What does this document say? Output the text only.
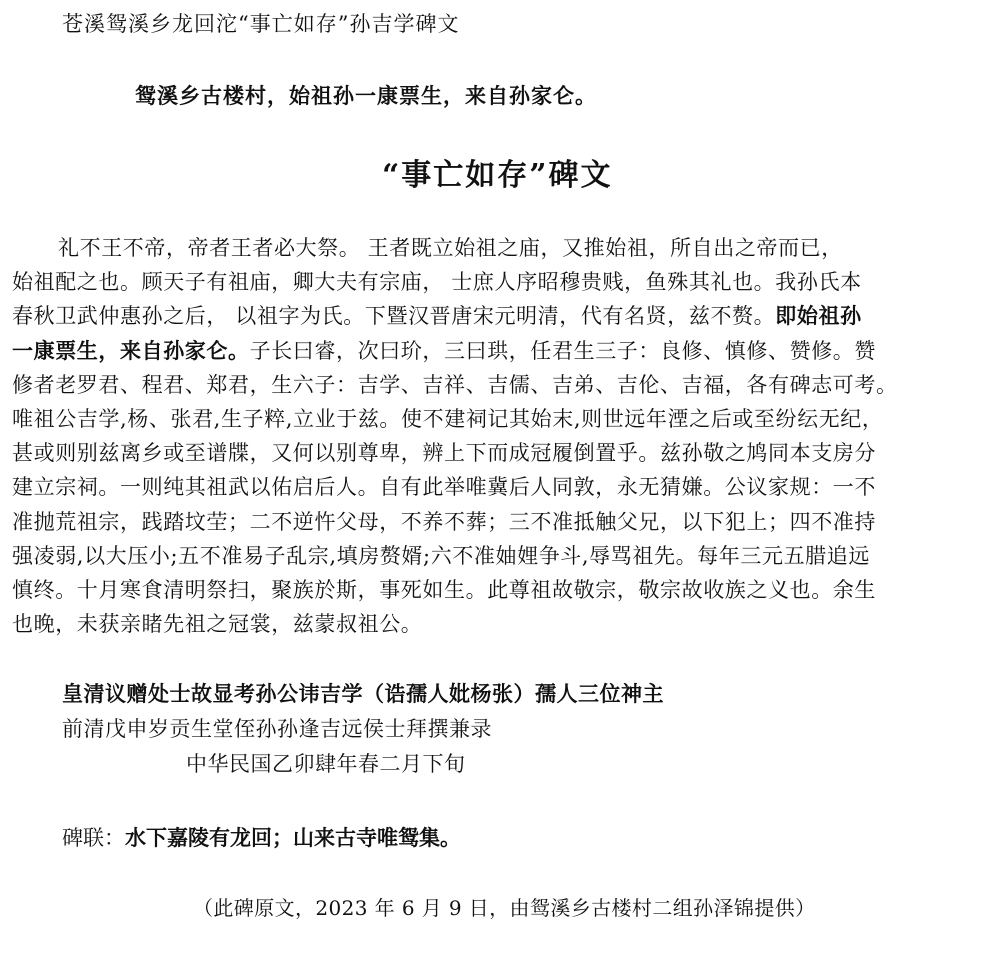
苍溪鸳溪乡龙回沱“事亡如存”孙吉学碑文
鸳溪乡古楼村，始祖孙一康票生，来自孙家仑。
“事亡如存”碑文
礼不王不帝，帝者王者必大祭。 王者既立始祖之庙，又推始祖，所自出之帝而已，
始祖配之也。顾天子有祖庙，卿大夫有宗庙， 士庶人序昭穆贵贱，鱼殊其礼也。我孙氏本
春秋卫武仲惠孙之后， 以祖字为氏。下暨汉晋唐宋元明清，代有名贤，兹不赘。即始祖孙
一康票生，来自孙家仑。子长曰睿，次曰玠，三曰珙，任君生三子：良修、慎修、赞修。赞
修者老罗君、程君、郑君，生六子：吉学、吉祥、吉儒、吉弟、吉伦、吉福，各有碑志可考。
唯祖公吉学,杨、张君,生子粹,立业于兹。使不建祠记其始末,则世远年湮之后或至纷纭无纪，
甚或则别兹离乡或至谱牒，又何以别尊卑，辨上下而成冠履倒置乎。兹孙敬之鸠同本支房分
建立宗祠。一则纯其祖武以佑启后人。自有此举唯冀后人同敦，永无猜嫌。公议家规：一不
准抛荒祖宗，践踏坟茔；二不逆忤父母，不养不葬；三不准抵触父兄，以下犯上；四不准持
强凌弱,以大压小;五不准易子乱宗,填房赘婿;六不准妯娌争斗,辱骂祖先。每年三元五腊追远
慎终。十月寒食清明祭扫，聚族於斯，事死如生。此尊祖故敬宗，敬宗故收族之义也。余生
也晚，未获亲睹先祖之冠裳，兹蒙叔祖公。
皇清议赠处士故显考孙公讳吉学（诰孺人妣杨张）孺人三位神主
前清戊申岁贡生堂侄孙孙逢吉远侯士拜撰兼录
中华民国乙卯肆年春二月下旬
碑联：水下嘉陵有龙回；山来古寺唯鸳集。
（此碑原文，2023 年 6 月 9 日，由鸳溪乡古楼村二组孙泽锦提供）
